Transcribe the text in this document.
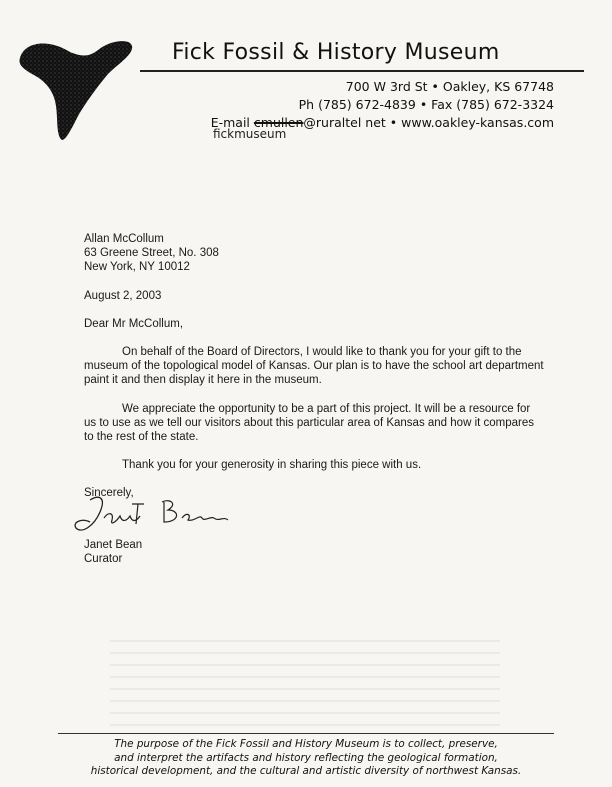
Fick Fossil & History Museum
700 W 3rd St • Oakley, KS 67748
Ph (785) 672-4839 • Fax (785) 672-3324
E-mail cmullen@ruraltel net • www.oakley-kansas.com
fickmuseum

Allan McCollum

63 Greene Street, No. 308

New York, NY 10012

August 2, 2003

Dear Mr McCollum,

On behalf of the Board of Directors, I would like to thank you for your gift to the museum of the topological model of Kansas. Our plan is to have the school art department paint it and then display it here in the museum.

We appreciate the opportunity to be a part of this project. It will be a resource for us to use as we tell our visitors about this particular area of Kansas and how it compares to the rest of the state.

Thank you for your generosity in sharing this piece with us.

Sincerely,

Janet Bean

Curator

The purpose of the Fick Fossil and History Museum is to collect, preserve,

and interpret the artifacts and history reflecting the geological formation,

historical development, and the cultural and artistic diversity of northwest Kansas.
